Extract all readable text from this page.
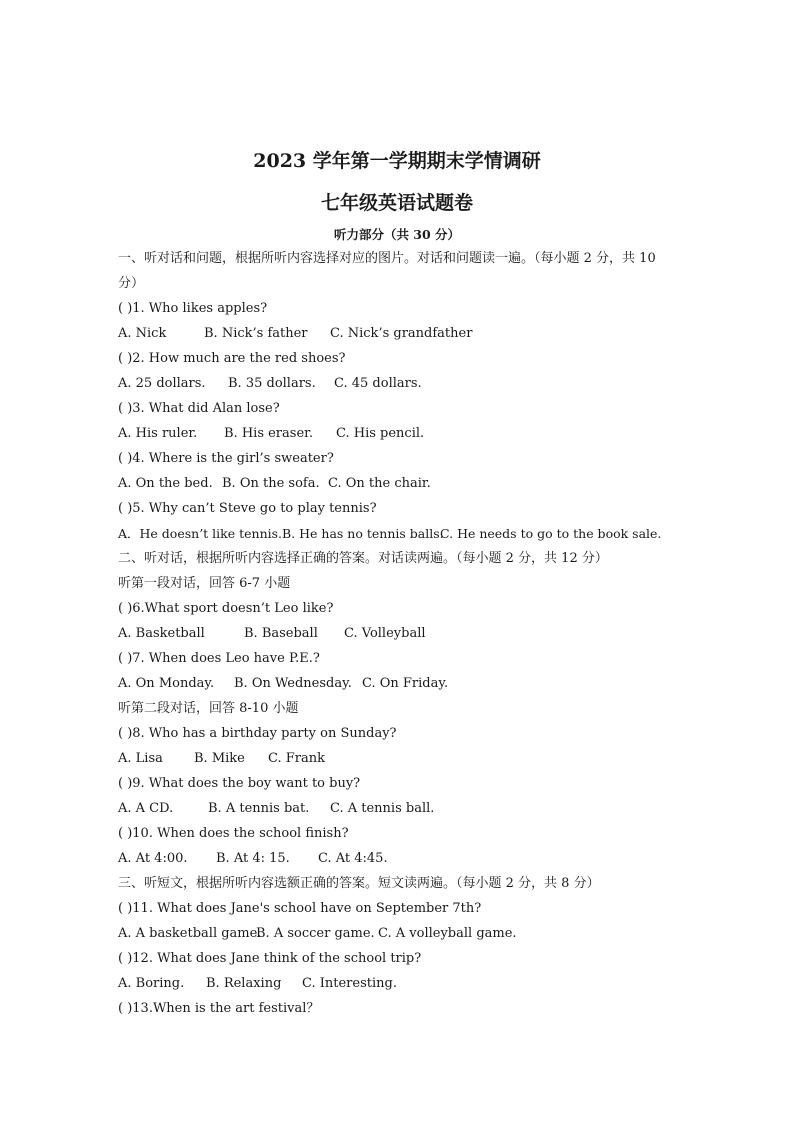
2023 学年第一学期期末学情调研
七年级英语试题卷
听力部分（共 30 分）
一、听对话和问题，根据所听内容选择对应的图片。对话和问题读一遍。（每小题 2 分，共 10 分）
( )1. Who likes apples?
A. Nick	B. Nick’s father C. Nick’s grandfather
( )2. How much are the red shoes?
A. 25 dollars. B. 35 dollars. C. 45 dollars.
( )3. What did Alan lose?
A. His ruler. B. His eraser. C. His pencil.
( )4. Where is the girl’s sweater?
A. On the bed. B. On the sofa. C. On the chair.
( )5. Why can’t Steve go to play tennis?
A．He doesn’t like tennis.B. He has no tennis balls.C. He needs to go to the book sale.
二、听对话，根据所听内容选择正确的答案。对话读两遍。（每小题 2 分，共 12 分）
听第一段对话，回答 6-7 小题
( )6.What sport doesn’t Leo like?
A. Basketball	B. Baseball C. Volleyball
( )7. When does Leo have P.E.?
A. On Monday. B. On Wednesday. C. On Friday.
听第二段对话，回答 8-10 小题
( )8. Who has a birthday party on Sunday?
A. Lisa B. Mike C. Frank
( )9. What does the boy want to buy?
A. A CD.	B. A tennis bat. C. A tennis ball.
( )10. When does the school finish?
A. At 4:00. B. At 4: 15. C. At 4:45.
三、听短文，根据所听内容选额正确的答案。短文读两遍。（每小题 2 分，共 8 分）
( )11. What does Jane's school have on September 7th?
A. A basketball game.B. A soccer game. C. A volleyball game.
( )12. What does Jane think of the school trip?
A. Boring. B. Relaxing C. Interesting.
( )13.When is the art festival？
